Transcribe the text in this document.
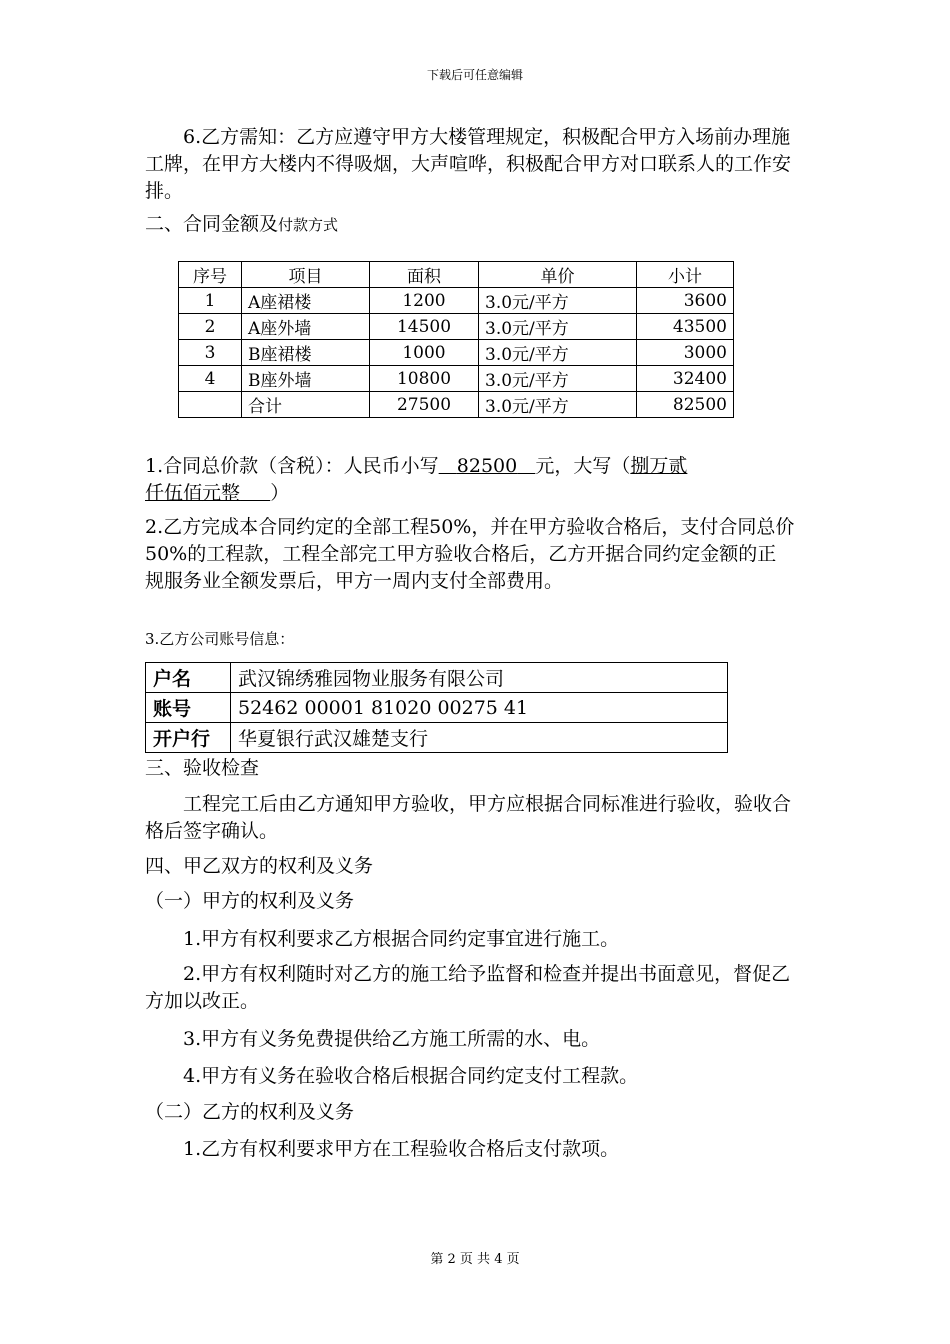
下载后可任意编辑

6.乙方需知：乙方应遵守甲方大楼管理规定，积极配合甲方入场前办理施工牌，在甲方大楼内不得吸烟，大声喧哗，积极配合甲方对口联系人的工作安排。

二、合同金额及付款方式

序号	项目	面积	单价	小计
1	A座裙楼	1200	3.0元/平方	3600
2	A座外墙	14500	3.0元/平方	43500
3	B座裙楼	1000	3.0元/平方	3000
4	B座外墙	10800	3.0元/平方	32400
	合计	27500	3.0元/平方	82500

1.合同总价款（含税）：人民币小写 82500 元，大写（捌万贰仟伍佰元整 ）

2.乙方完成本合同约定的全部工程50%，并在甲方验收合格后，支付合同总价50%的工程款，工程全部完工甲方验收合格后，乙方开据合同约定金额的正规服务业全额发票后，甲方一周内支付全部费用。

3.乙方公司账号信息：

户名	武汉锦绣雅园物业服务有限公司
账号	52462 00001 81020 00275 41
开户行	华夏银行武汉雄楚支行

三、验收检查

工程完工后由乙方通知甲方验收，甲方应根据合同标准进行验收，验收合格后签字确认。

四、甲乙双方的权利及义务

（一）甲方的权利及义务

1.甲方有权利要求乙方根据合同约定事宜进行施工。

2.甲方有权利随时对乙方的施工给予监督和检查并提出书面意见，督促乙方加以改正。

3.甲方有义务免费提供给乙方施工所需的水、电。

4.甲方有义务在验收合格后根据合同约定支付工程款。

（二）乙方的权利及义务

1.乙方有权利要求甲方在工程验收合格后支付款项。

第 2 页 共 4 页
